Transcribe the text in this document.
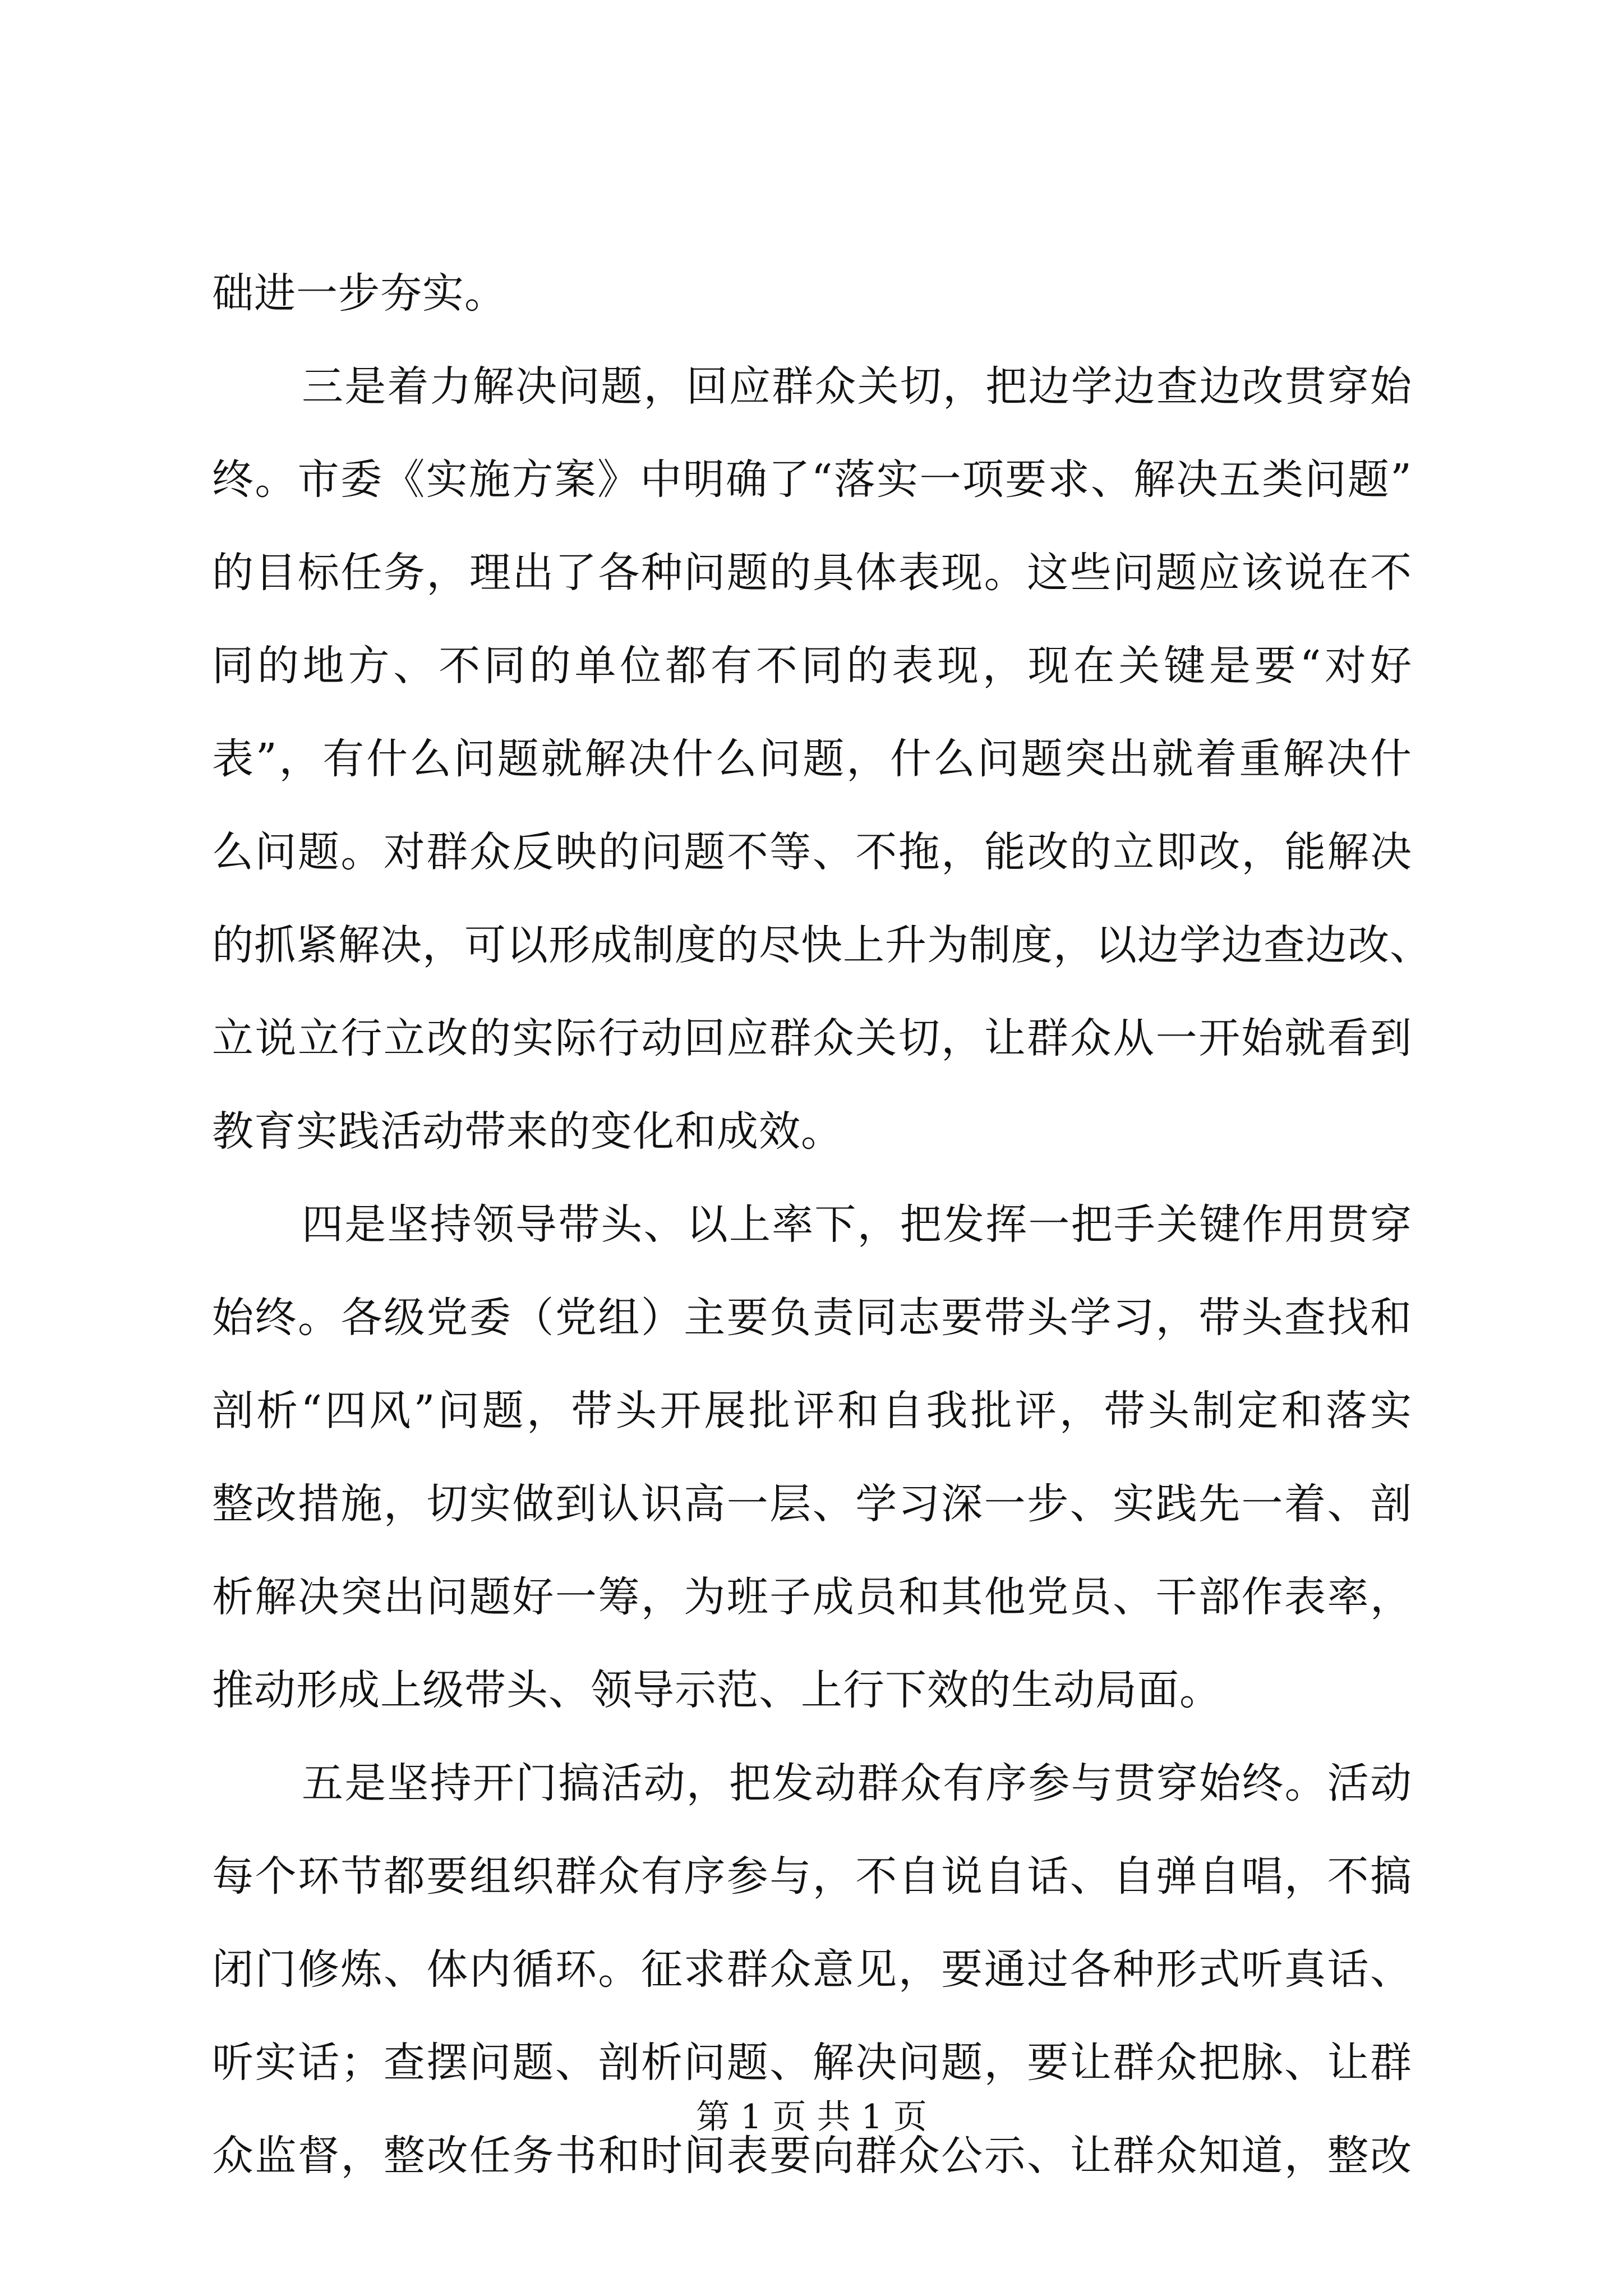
础进一步夯实。
三是着力解决问题，回应群众关切，把边学边查边改贯穿始
终。市委《实施方案》中明确了“落实一项要求、解决五类问题”
的目标任务，理出了各种问题的具体表现。这些问题应该说在不
同的地方、不同的单位都有不同的表现，现在关键是要“对好
表”，有什么问题就解决什么问题，什么问题突出就着重解决什
么问题。对群众反映的问题不等、不拖，能改的立即改，能解决
的抓紧解决，可以形成制度的尽快上升为制度，以边学边查边改、
立说立行立改的实际行动回应群众关切，让群众从一开始就看到
教育实践活动带来的变化和成效。
四是坚持领导带头、以上率下，把发挥一把手关键作用贯穿
始终。各级党委（党组）主要负责同志要带头学习，带头查找和
剖析“四风”问题，带头开展批评和自我批评，带头制定和落实
整改措施，切实做到认识高一层、学习深一步、实践先一着、剖
析解决突出问题好一筹，为班子成员和其他党员、干部作表率，
推动形成上级带头、领导示范、上行下效的生动局面。
五是坚持开门搞活动，把发动群众有序参与贯穿始终。活动
每个环节都要组织群众有序参与，不自说自话、自弹自唱，不搞
闭门修炼、体内循环。征求群众意见，要通过各种形式听真话、
听实话；查摆问题、剖析问题、解决问题，要让群众把脉、让群
众监督，整改任务书和时间表要向群众公示、让群众知道，整改
第 1 页 共 1 页
